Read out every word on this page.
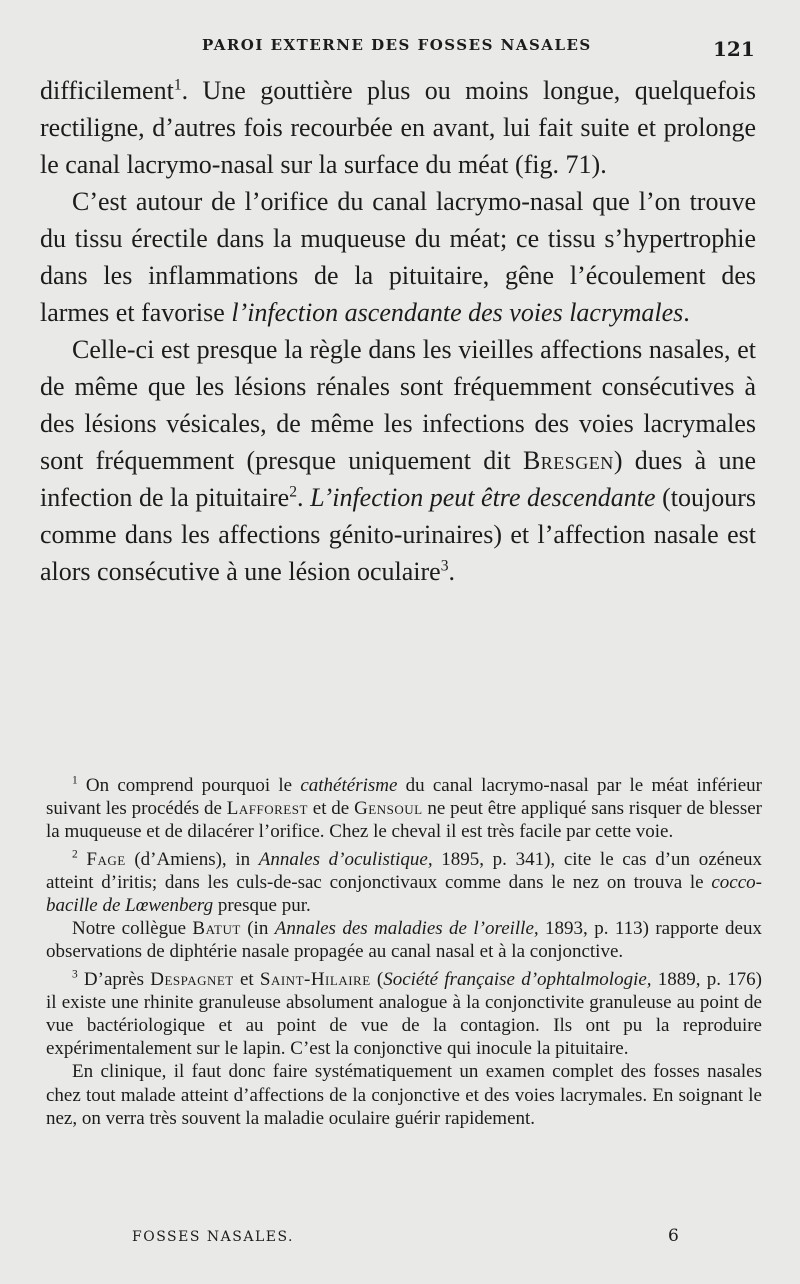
PAROI EXTERNE DES FOSSES NASALES	121

difficilement$^1$. Une gouttière plus ou moins longue, quelquefois rectiligne, d’autres fois recourbée en avant, lui fait suite et prolonge le canal lacrymo-nasal sur la surface du méat (fig. 71).

C’est autour de l’orifice du canal lacrymo-nasal que l’on trouve du tissu érectile dans la muqueuse du méat; ce tissu s’hypertrophie dans les inflammations de la pituitaire, gêne l’écoulement des larmes et favorise l’infection ascendante des voies lacrymales.

Celle-ci est presque la règle dans les vieilles affections nasales, et de même que les lésions rénales sont fréquemment consécutives à des lésions vésicales, de même les infections des voies lacrymales sont fréquemment (presque uniquement dit Bresgen) dues à une infection de la pituitaire$^2$. L’infection peut être descendante (toujours comme dans les affections génito-urinaires) et l’affection nasale est alors consécutive à une lésion oculaire$^3$.

$^1$ On comprend pourquoi le cathétérisme du canal lacrymo-nasal par le méat inférieur suivant les procédés de Lafforest et de Gensoul ne peut être appliqué sans risquer de blesser la muqueuse et de dilacérer l’orifice. Chez le cheval il est très facile par cette voie.

$^2$ Fage (d’Amiens), in Annales d’oculistique, 1895, p. 341), cite le cas d’un ozéneux atteint d’iritis; dans les culs-de-sac conjonctivaux comme dans le nez on trouva le cocco-bacille de Lœwenberg presque pur.

Notre collègue Batut (in Annales des maladies de l’oreille, 1893, p. 113) rapporte deux observations de diphtérie nasale propagée au canal nasal et à la conjonctive.

$^3$ D’après Despagnet et Saint-Hilaire (Société française d’ophtalmologie, 1889, p. 176) il existe une rhinite granuleuse absolument analogue à la conjonctivite granuleuse au point de vue bactériologique et au point de vue de la contagion. Ils ont pu la reproduire expérimentalement sur le lapin. C’est la conjonctive qui inocule la pituitaire.

En clinique, il faut donc faire systématiquement un examen complet des fosses nasales chez tout malade atteint d’affections de la conjonctive et des voies lacrymales. En soignant le nez, on verra très souvent la maladie oculaire guérir rapidement.

FOSSES NASALES.	6
